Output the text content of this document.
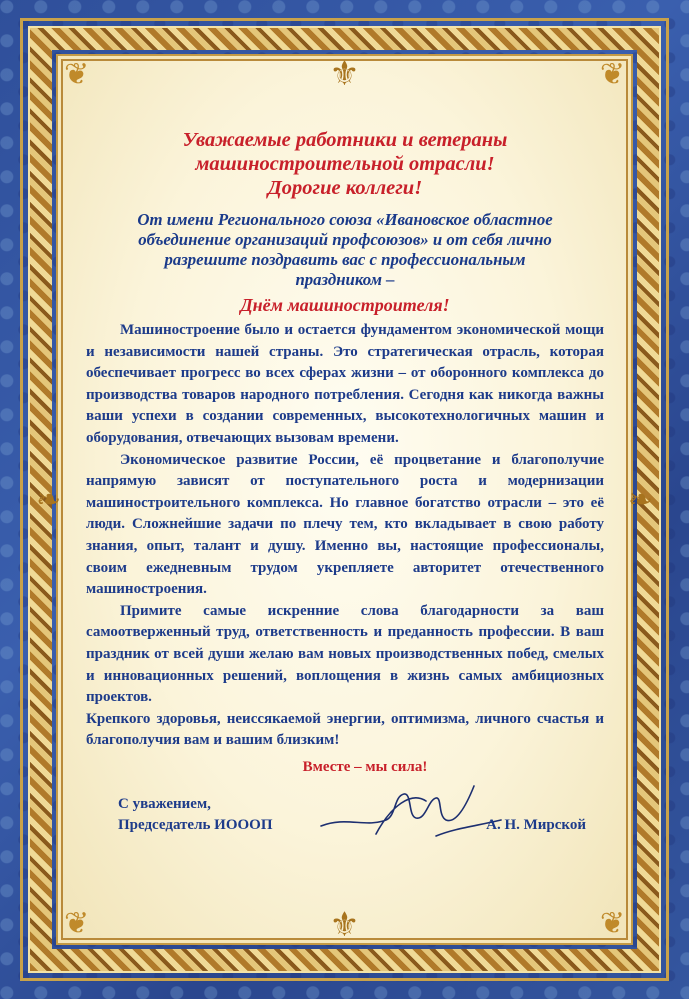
❦	❦
❦	❦
⚜
⚜
❧	❧

Уважаемые работники и ветераны

машиностроительной отрасли!

Дорогие коллеги!

От имени Регионального союза «Ивановское областное
объединение организаций профсоюзов» и от себя лично
разрешите поздравить вас с профессиональным
праздником –

Днём машиностроителя!

Машиностроение было и остается фундаментом экономической мощи и независимости нашей страны. Это стратегическая отрасль, которая обеспечивает прогресс во всех сферах жизни – от оборонного комплекса до производства товаров народного потребления. Сегодня как никогда важны ваши успехи в создании современных, высокотехнологичных машин и оборудования, отвечающих вызовам времени.

Экономическое развитие России, её процветание и благополучие напрямую зависят от поступательного роста и модернизации машиностроительного комплекса. Но главное богатство отрасли – это её люди. Сложнейшие задачи по плечу тем, кто вкладывает в свою работу знания, опыт, талант и душу. Именно вы, настоящие профессионалы, своим ежедневным трудом укрепляете авторитет отечественного машиностроения.

Примите самые искренние слова благодарности за ваш самоотверженный труд, ответственность и преданность профессии. В ваш праздник от всей души желаю вам новых производственных побед, смелых и инновационных решений, воплощения в жизнь самых амбициозных проектов.

Крепкого здоровья, неиссякаемой энергии, оптимизма, личного счастья и благополучия вам и вашим близким!

Вместе – мы сила!

С уважением,
Председатель ИОООП	А. Н. Мирской
